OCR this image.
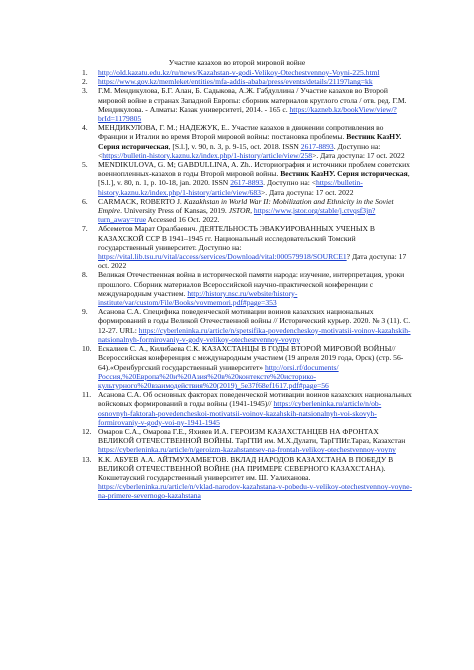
Участие казахов во второй мировой войне
1.	http://old.kazatu.edu.kz/ru/news/Kazahstan-v-godi-Velikoy-Otechestvennoy-Voyni-225.html
2.	https://www.gov.kz/memleket/entities/mfa-addis-ababa/press/events/details/21197lang=kk
3.	Г.М. Мендикулова, Б.Г. Алан, Б. Садыкова, А.Ж. Габдуллина / Участие казахов во Второй мировой войне в странах Западной Европы: сборник материалов круглого стола / отв. ред. Г.М. Мендикулова. - Алматы: Казак университеті, 2014. - 165 с. https://kazneb.kz/bookView/view/?brId=1179805
4.	МЕНДИКУЛОВА, Г. М.; НАДЕЖУК, Е.. Участие казахов в движении сопротивления во Франции и Италии во время Второй мировой войны: постановка проблемы. Вестник КазНУ. Серия историческая, [S.l.], v. 90, n. 3, p. 9-15, oct. 2018. ISSN 2617-8893. Доступно на: <https://bulletin-history.kaznu.kz/index.php/1-history/article/view/258>. Дата доступа: 17 oct. 2022
5.	MENDIKULOVA, G. M; GABDULLINA, A. Zh.. Историография и источники проблем советских военнопленных-казахов в годы Второй мировой войны. Вестник КазНУ. Серия историческая, [S.l.], v. 80, n. 1, p. 10-18, jan. 2020. ISSN 2617-8893. Доступно на: <https://bulletin-history.kaznu.kz/index.php/1-history/article/view/683>. Дата доступа: 17 oct. 2022
6.	CARMACK, ROBERTO J. Kazakhstan in World War II: Mobilization and Ethnicity in the Soviet Empire. University Press of Kansas, 2019. JSTOR, https://www.jstor.org/stable/j.ctvqsf3jn?turn_away=true Accessed 16 Oct. 2022.
7.	Абсеметов Марат Оралбаевич. ДЕЯТЕЛЬНОСТЬ ЭВАКУИРОВАННЫХ УЧЕНЫХ В КАЗАХСКОЙ ССР В 1941–1945 гг. Национальный исследовательский Томский государственный университет. Доступно на: https://vital.lib.tsu.ru/vital/access/services/Download/vital:000579918/SOURCE1? Дата доступа: 17 oct. 2022
8.	Великая Отечественная война в исторической памяти народа: изучение, интерпретация, уроки прошлого. Сборник материалов Всероссийской научно-практической конференции с международным участием. http://history.nsc.ru/website/history-institute/var/custom/File/Books/vovmemori.pdf#page=353
9.	Асанова С.А. Специфика поведенческой мотивации воинов казахских национальных формирований в годы Великой Отечественной войны // Исторический курьер. 2020. № 3 (11). С. 12-27. URL: https://cyberleninka.ru/article/n/spetsifika-povedencheskoy-motivatsii-voinov-kazahskih-natsionalnyh-formirovaniy-v-gody-velikoy-otechestvennoy-voyny
10. Ескалиев С. А., Килибаева С.К. КАЗАХСТАНЦЫ В ГОДЫ ВТОРОЙ МИРОВОЙ ВОЙНЫ//Всероссийская конференция с международным участием (19 апреля 2019 года, Орск) (стр. 56-64).«Оренбургский государственный университет» http://orsi.rf/documents/Россия,%20Европа%20и%20Азия%20в%20контексте%20историко-культурного%20взаимодействия%20(2019)_5e37f68ef1617.pdf#page=56
11. Асанова С.А. Об основных факторах поведенческой мотивации воинов казахских национальных войсковых формирований в годы войны (1941-1945)// https://cyberleninka.ru/article/n/ob-osnovnyh-faktorah-povedencheskoi-motivatsii-voinov-kazahskih-natsionalnyh-voi-skovyh-formirovaniy-v-gody-voi-ny-1941-1945
12. Омаров С.А., Омарова Г.Е., Яхияев И.А. ГЕРОИЗМ КАЗАХСТАНЦЕВ НА ФРОНТАХ ВЕЛИКОЙ ОТЕЧЕСТВЕННОЙ ВОЙНЫ. ТарГПИ им. М.Х.Дулати, ТарГПИг.Тараз, Казахстан https://cyberleninka.ru/article/n/geroizm-kazahstantsev-na-frontah-velikoy-otechestvennoy-voyny
13. К.К. АБУЕВ А.А. АЙТМУХАМБЕТОВ. ВКЛАД НАРОДОВ КАЗАХСТАНА В ПОБЕДУ В ВЕЛИКОЙ ОТЕЧЕСТВЕННОЙ ВОЙНЕ (НА ПРИМЕРЕ СЕВЕРНОГО КАЗАХСТАНА). Кокшетауский государственный университет им. Ш. Уалиханова. https://cyberleninka.ru/article/n/vklad-narodov-kazahstana-v-pobedu-v-velikoy-otechestvennoy-voyne-na-primere-severnogo-kazahstana
